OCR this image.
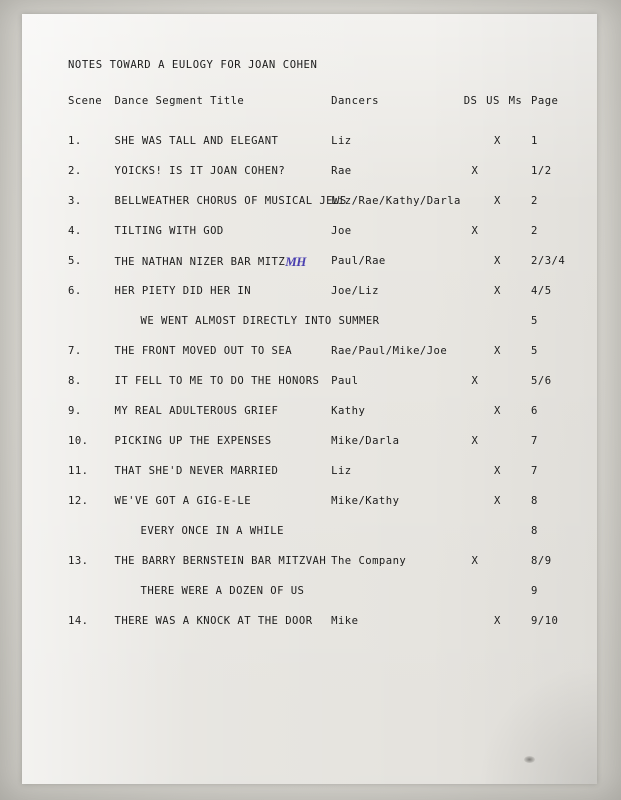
NOTES TOWARD A EULOGY FOR JOAN COHEN

Scene	Dance Segment Title	Dancers	DS	US	Ms	Page
1.	SHE WAS TALL AND ELEGANT	Liz		X		1
2.	YOICKS! IS IT JOAN COHEN?	Rae	X			1/2
3.	BELLWEATHER CHORUS OF MUSICAL JEWS	Liz/Rae/Kathy/Darla		X		2
4.	TILTING WITH GOD	Joe	X			2
5.	THE NATHAN NIZER BAR MITZMH	Paul/Rae		X		2/3/4
6.	HER PIETY DID HER IN	Joe/Liz		X		4/5
	WE WENT ALMOST DIRECTLY INTO SUMMER					5
7.	THE FRONT MOVED OUT TO SEA	Rae/Paul/Mike/Joe		X		5
8.	IT FELL TO ME TO DO THE HONORS	Paul	X			5/6
9.	MY REAL ADULTEROUS GRIEF	Kathy		X		6
10.	PICKING UP THE EXPENSES	Mike/Darla	X			7
11.	THAT SHE'D NEVER MARRIED	Liz		X		7
12.	WE'VE GOT A GIG-E-LE	Mike/Kathy		X		8
	EVERY ONCE IN A WHILE					8
13.	THE BARRY BERNSTEIN BAR MITZVAH	The Company	X			8/9
	THERE WERE A DOZEN OF US					9
14.	THERE WAS A KNOCK AT THE DOOR	Mike		X		9/10
